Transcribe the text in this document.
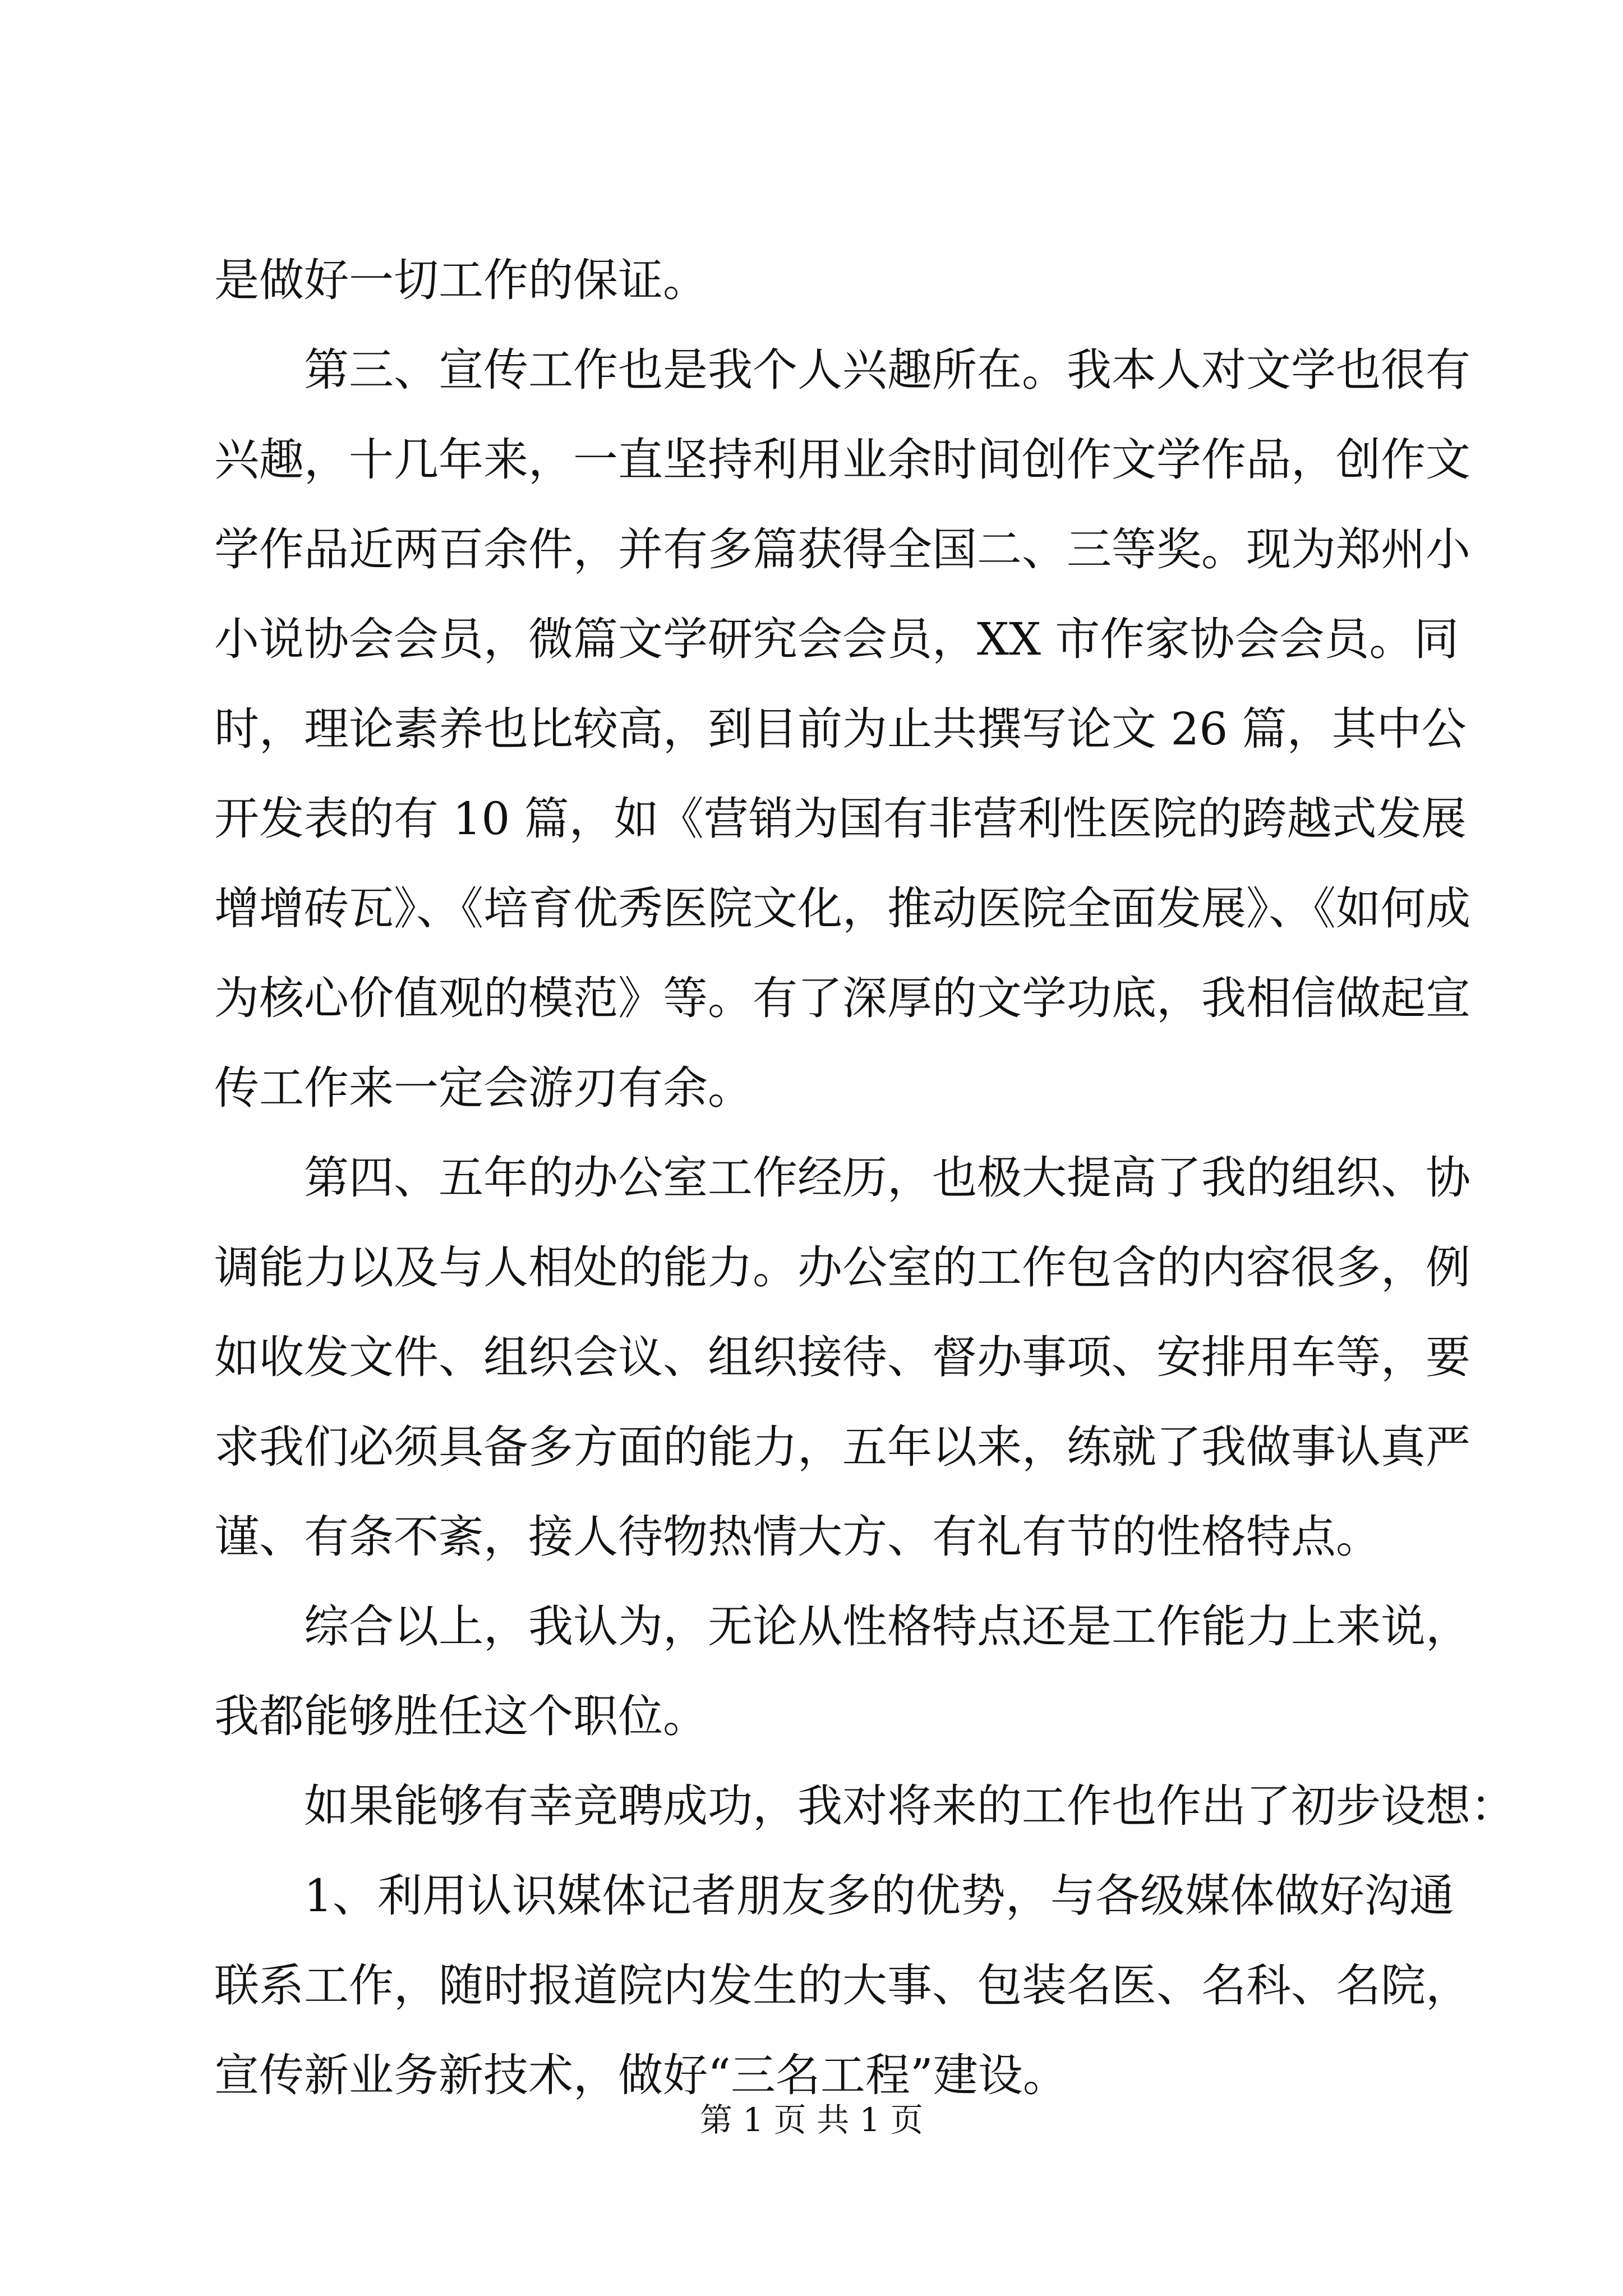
是做好一切工作的保证。
　　第三、宣传工作也是我个人兴趣所在。我本人对文学也很有
兴趣，十几年来，一直坚持利用业余时间创作文学作品，创作文
学作品近两百余件，并有多篇获得全国二、三等奖。现为郑州小
小说协会会员，微篇文学研究会会员，XX 市作家协会会员。同
时，理论素养也比较高，到目前为止共撰写论文 26 篇，其中公
开发表的有 10 篇，如《营销为国有非营利性医院的跨越式发展
增增砖瓦》、《培育优秀医院文化，推动医院全面发展》、《如何成
为核心价值观的模范》等。有了深厚的文学功底，我相信做起宣
传工作来一定会游刃有余。
　　第四、五年的办公室工作经历，也极大提高了我的组织、协
调能力以及与人相处的能力。办公室的工作包含的内容很多，例
如收发文件、组织会议、组织接待、督办事项、安排用车等，要
求我们必须具备多方面的能力，五年以来，练就了我做事认真严
谨、有条不紊，接人待物热情大方、有礼有节的性格特点。
　　综合以上，我认为，无论从性格特点还是工作能力上来说，
我都能够胜任这个职位。
　　如果能够有幸竞聘成功，我对将来的工作也作出了初步设想：
　　1、利用认识媒体记者朋友多的优势，与各级媒体做好沟通
联系工作，随时报道院内发生的大事、包装名医、名科、名院，
宣传新业务新技术，做好“三名工程”建设。
第 1 页 共 1 页
